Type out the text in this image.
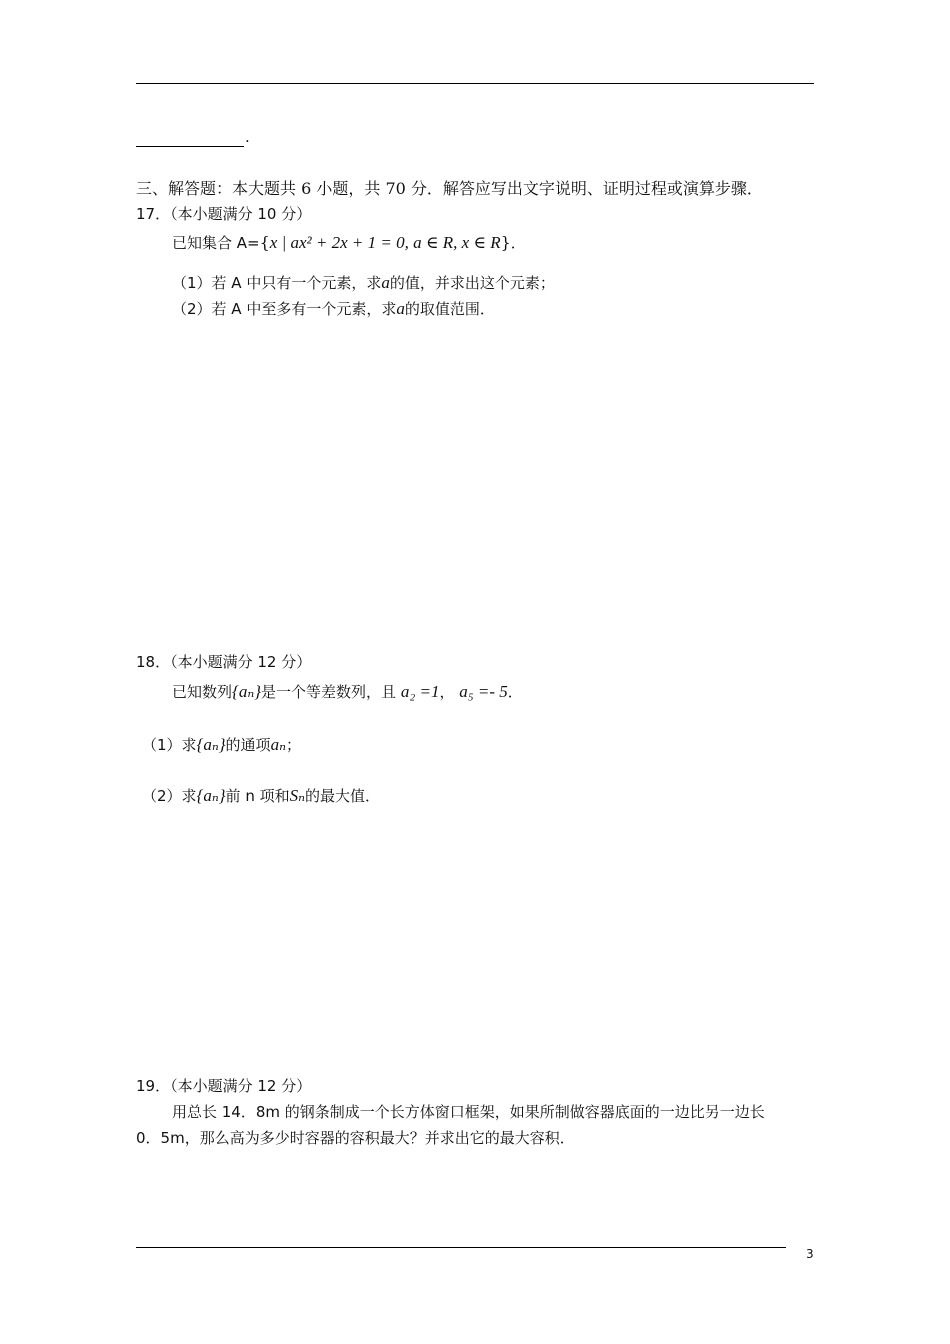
.
三、解答题：本大题共 6 小题，共 70 分．解答应写出文字说明、证明过程或演算步骤．
17．（本小题满分 10 分）
已知集合 A={x | ax² + 2x + 1 = 0, a ∈ R, x ∈ R}．
（1）若 A 中只有一个元素，求a的值，并求出这个元素；
（2）若 A 中至多有一个元素，求a的取值范围．
18．（本小题满分 12 分）
已知数列{aₙ}是一个等差数列，且 a₂ =1， a₅ =- 5．
（1）求{aₙ}的通项aₙ；
（2）求{aₙ}前 n 项和Sₙ的最大值．
19．（本小题满分 12 分）
用总长 14．8m 的钢条制成一个长方体窗口框架，如果所制做容器底面的一边比另一边长
0．5m，那么高为多少时容器的容积最大？并求出它的最大容积．
3
